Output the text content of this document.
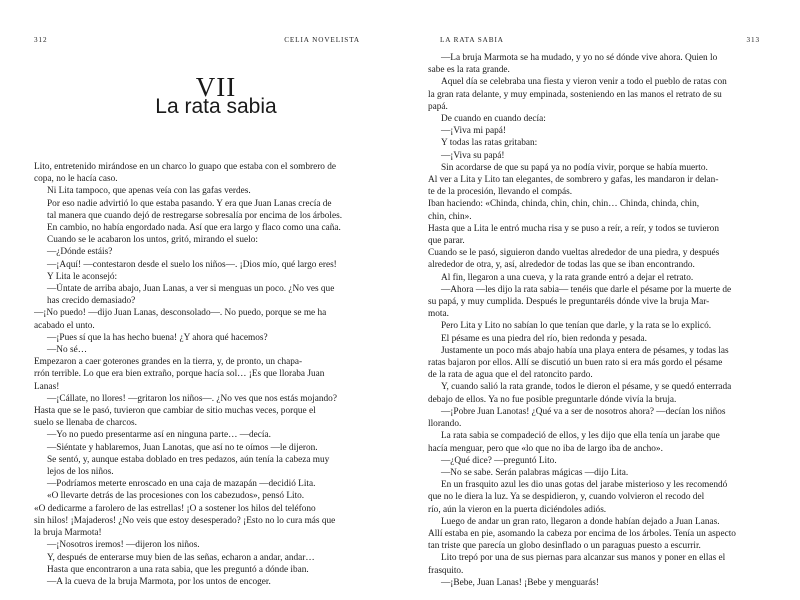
312	CELIA NOVELISTA
VII
La rata sabia

Lito, entretenido mirándose en un charco lo guapo que estaba con el sombrero de

copa, no le hacía caso.

Ni Lita tampoco, que apenas veía con las gafas verdes.

Por eso nadie advirtió lo que estaba pasando. Y era que Juan Lanas crecía de

tal manera que cuando dejó de restregarse sobresalía por encima de los árboles.

En cambio, no había engordado nada. Así que era largo y flaco como una caña.

Cuando se le acabaron los untos, gritó, mirando el suelo:

—¿Dónde estáis?

—¡Aquí! —contestaron desde el suelo los niños—. ¡Dios mío, qué largo eres!

Y Lita le aconsejó:

—Úntate de arriba abajo, Juan Lanas, a ver si menguas un poco. ¿No ves que

has crecido demasiado?

—¡No puedo! —dijo Juan Lanas, desconsolado—. No puedo, porque se me ha

acabado el unto.

—¡Pues sí que la has hecho buena! ¿Y ahora qué hacemos?

—No sé…

Empezaron a caer goterones grandes en la tierra, y, de pronto, un chapa-

rrón terrible. Lo que era bien extraño, porque hacía sol… ¡Es que lloraba Juan

Lanas!

—¡Cállate, no llores! —gritaron los niños—. ¿No ves que nos estás mojando?

Hasta que se le pasó, tuvieron que cambiar de sitio muchas veces, porque el

suelo se llenaba de charcos.

—Yo no puedo presentarme así en ninguna parte… —decía.

—Siéntate y hablaremos, Juan Lanotas, que así no te oímos —le dijeron.

Se sentó, y, aunque estaba doblado en tres pedazos, aún tenía la cabeza muy

lejos de los niños.

—Podríamos meterte enroscado en una caja de mazapán —decidió Lita.

«O llevarte detrás de las procesiones con los cabezudos», pensó Lito.

«O dedicarme a farolero de las estrellas! ¡O a sostener los hilos del teléfono

sin hilos! ¡Majaderos! ¿No veis que estoy desesperado? ¡Esto no lo cura más que

la bruja Marmota!

—¡Nosotros iremos! —dijeron los niños.

Y, después de enterarse muy bien de las señas, echaron a andar, andar…

Hasta que encontraron a una rata sabia, que les preguntó a dónde iban.

—A la cueva de la bruja Marmota, por los untos de encoger.

LA RATA SABIA	313

—La bruja Marmota se ha mudado, y yo no sé dónde vive ahora. Quien lo

sabe es la rata grande.

Aquel día se celebraba una fiesta y vieron venir a todo el pueblo de ratas con

la gran rata delante, y muy empinada, sosteniendo en las manos el retrato de su

papá.

De cuando en cuando decía:

—¡Viva mi papá!

Y todas las ratas gritaban:

—¡Viva su papá!

Sin acordarse de que su papá ya no podía vivir, porque se había muerto.

Al ver a Lita y Lito tan elegantes, de sombrero y gafas, les mandaron ir delan-

te de la procesión, llevando el compás.

Iban haciendo: «Chinda, chinda, chin, chin, chin… Chinda, chinda, chin,

chin, chin».

Hasta que a Lita le entró mucha risa y se puso a reír, a reír, y todos se tuvieron

que parar.

Cuando se le pasó, siguieron dando vueltas alrededor de una piedra, y después

alrededor de otra, y, así, alrededor de todas las que se iban encontrando.

Al fin, llegaron a una cueva, y la rata grande entró a dejar el retrato.

—Ahora —les dijo la rata sabia— tenéis que darle el pésame por la muerte de

su papá, y muy cumplida. Después le preguntaréis dónde vive la bruja Mar-

mota.

Pero Lita y Lito no sabían lo que tenían que darle, y la rata se lo explicó.

El pésame es una piedra del río, bien redonda y pesada.

Justamente un poco más abajo había una playa entera de pésames, y todas las

ratas bajaron por ellos. Allí se discutió un buen rato si era más gordo el pésame

de la rata de agua que el del ratoncito pardo.

Y, cuando salió la rata grande, todos le dieron el pésame, y se quedó enterrada

debajo de ellos. Ya no fue posible preguntarle dónde vivía la bruja.

—¡Pobre Juan Lanotas! ¿Qué va a ser de nosotros ahora? —decían los niños

llorando.

La rata sabia se compadeció de ellos, y les dijo que ella tenía un jarabe que

hacía menguar, pero que «lo que no iba de largo iba de ancho».

—¿Qué dice? —preguntó Lito.

—No se sabe. Serán palabras mágicas —dijo Lita.

En un frasquito azul les dio unas gotas del jarabe misterioso y les recomendó

que no le diera la luz. Ya se despidieron, y, cuando volvieron el recodo del

río, aún la vieron en la puerta diciéndoles adiós.

Luego de andar un gran rato, llegaron a donde habían dejado a Juan Lanas.

Allí estaba en pie, asomando la cabeza por encima de los árboles. Tenía un aspecto

tan triste que parecía un globo desinflado o un paraguas puesto a escurrir.

Lito trepó por una de sus piernas para alcanzar sus manos y poner en ellas el

frasquito.

—¡Bebe, Juan Lanas! ¡Bebe y menguarás!
